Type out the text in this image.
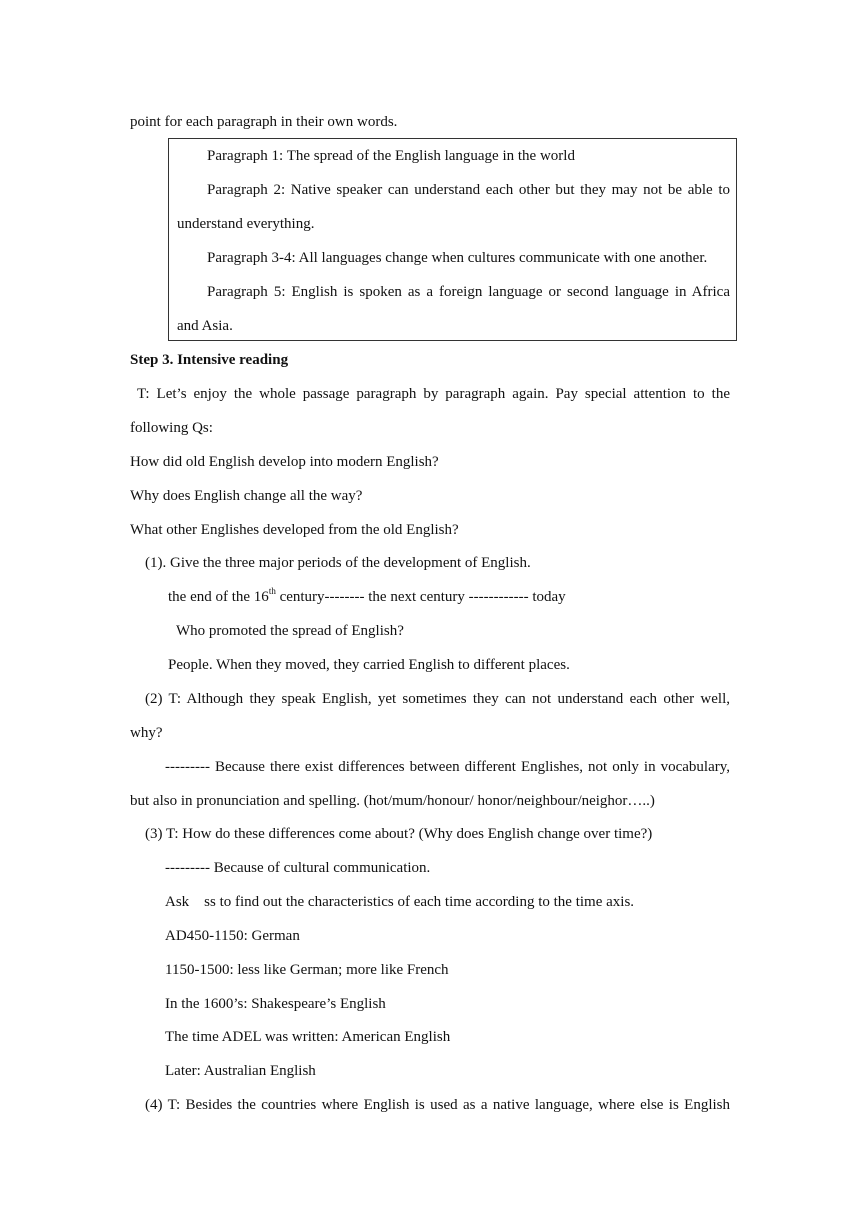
point for each paragraph in their own words.
Paragraph 1: The spread of the English language in the world
Paragraph 2: Native speaker can understand each other but they may not be able to
understand everything.
Paragraph 3-4: All languages change when cultures communicate with one another.
Paragraph 5: English is spoken as a foreign language or second language in Africa
and Asia.
Step 3. Intensive reading
T: Let’s enjoy the whole passage paragraph by paragraph again. Pay special attention to the
following Qs:
How did old English develop into modern English?
Why does English change all the way?
What other Englishes developed from the old English?
(1). Give the three major periods of the development of English.
the end of the 16th century-------- the next century ------------ today
Who promoted the spread of English?
People. When they moved, they carried English to different places.
(2) T: Although they speak English, yet sometimes they can not understand each other well,
why?
--------- Because there exist differences between different Englishes, not only in vocabulary,
but also in pronunciation and spelling. (hot/mum/honour/ honor/neighbour/neighor…..)
(3) T: How do these differences come about? (Why does English change over time?)
--------- Because of cultural communication.
Ask    ss to find out the characteristics of each time according to the time axis.
AD450-1150: German
1150-1500: less like German; more like French
In the 1600’s: Shakespeare’s English
The time ADEL was written: American English
Later: Australian English
(4) T: Besides the countries where English is used as a native language, where else is English
